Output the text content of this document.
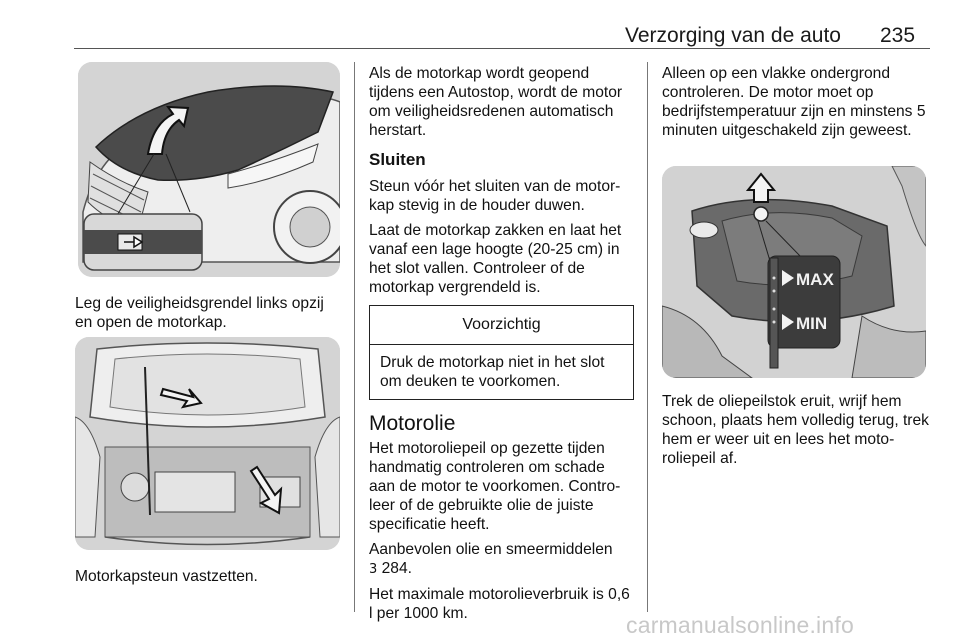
Verzorging van de auto 235

Leg de veiligheidsgrendel links opzij en open de motorkap.

Motorkapsteun vastzetten.

Als de motorkap wordt geopend tijdens een Autostop, wordt de motor om veiligheidsredenen automatisch herstart.

Sluiten

Steun vóór het sluiten van de motor-kap stevig in de houder duwen.

Laat de motorkap zakken en laat het vanaf een lage hoogte (20-25 cm) in het slot vallen. Controleer of de motorkap vergrendeld is.

Voorzichtig
Druk de motorkap niet in het slot om deuken te voorkomen.
Motorolie

Het motoroliepeil op gezette tijden handmatig controleren om schade aan de motor te voorkomen. Contro-leer of de gebruikte olie de juiste specificatie heeft.

Aanbevolen olie en smeermiddelen
3 284.

Het maximale motorolieverbruik is 0,6 l per 1000 km.

Alleen op een vlakke ondergrond controleren. De motor moet op bedrijfstemperatuur zijn en minstens 5 minuten uitgeschakeld zijn geweest.

MAX
MIN

Trek de oliepeilstok eruit, wrijf hem schoon, plaats hem volledig terug, trek hem er weer uit en lees het moto-roliepeil af.

carmanualsonline.info
